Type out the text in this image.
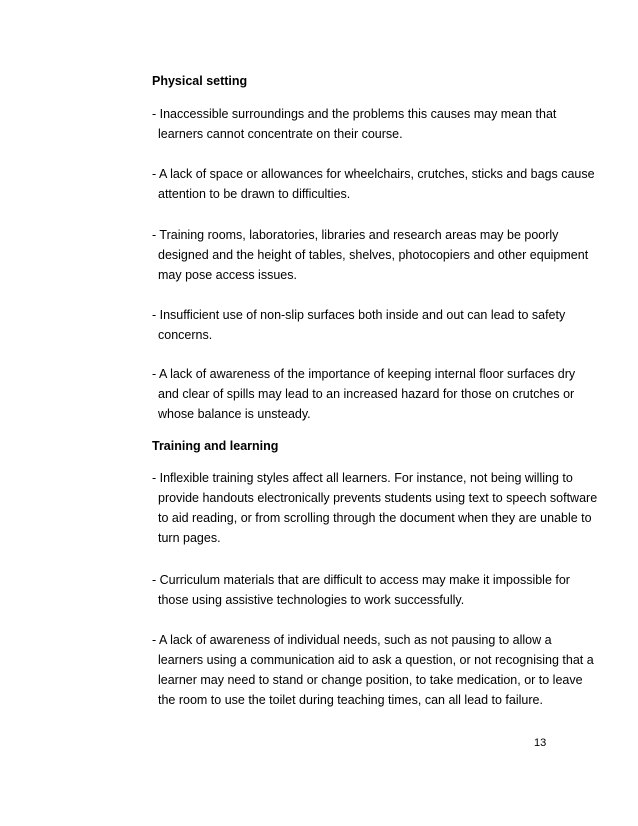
Physical setting

- Inaccessible surroundings and the problems this causes may mean that
learners cannot concentrate on their course.

- A lack of space or allowances for wheelchairs, crutches, sticks and bags cause
attention to be drawn to difficulties.

- Training rooms, laboratories, libraries and research areas may be poorly
designed and the height of tables, shelves, photocopiers and other equipment
may pose access issues.

- Insufficient use of non-slip surfaces both inside and out can lead to safety
concerns.

- A lack of awareness of the importance of keeping internal floor surfaces dry
and clear of spills may lead to an increased hazard for those on crutches or
whose balance is unsteady.

Training and learning

- Inflexible training styles affect all learners. For instance, not being willing to
provide handouts electronically prevents students using text to speech software
to aid reading, or from scrolling through the document when they are unable to
turn pages.

- Curriculum materials that are difficult to access may make it impossible for
those using assistive technologies to work successfully.

- A lack of awareness of individual needs, such as not pausing to allow a
learners using a communication aid to ask a question, or not recognising that a
learner may need to stand or change position, to take medication, or to leave
the room to use the toilet during teaching times, can all lead to failure.

13
